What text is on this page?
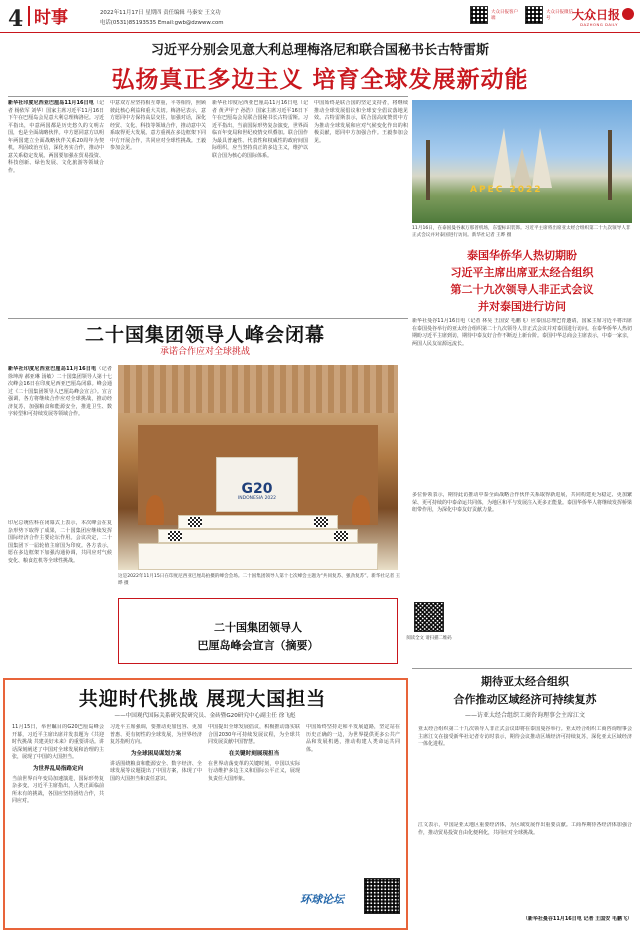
4 时事	2022年11月17日 星期四 责任编辑 马秦安 王文功
电话(0531)85193535 Email:gwb@dzwww.com
大众日报客户端
大众日报微信号	大众日报
DAZHONG DAILY
习近平分别会见意大利总理梅洛尼和联合国秘书长古特雷斯
弘扬真正多边主义 培育全球发展新动能
新华社印度尼西亚巴厘岛11月16日电（记者 杨依军 刘华）国家主席习近平11月16日下午在巴厘岛会见意大利总理梅洛尼。习近平指出，中意两国都是历史悠久的文明古国，也是全面战略伙伴。中方愿同意方以明年两国建立全面战略伙伴关系20周年为契机，巩固政治互信，深化务实合作，推动中意关系稳定发展。两国要加强在贸易投资、科技创新、绿色发展、文化旅游等领域合作。
中意双方应坚持相互尊重，平等相待，照顾彼此核心利益和重大关切。梅洛尼表示，意方愿同中方保持高层交往，加强对话，深化经贸、文化、科技等领域合作，推动意中关系取得更大发展。意方重视在多边框架下同中方开展合作，共同应对全球性挑战。王毅参加会见。
新华社印度尼西亚巴厘岛11月16日电（记者 黄尹甲子 孙浩）国家主席习近平16日下午在巴厘岛会见联合国秘书长古特雷斯。习近平指出，当前国际形势复杂演变，世界面临百年变局和世纪疫情交织叠加。联合国作为最具普遍性、代表性和权威性的政府间国际组织，应当坚持真正的多边主义，维护以联合国为核心的国际体系。
中国始终是联合国的坚定支持者，将继续推动全球发展倡议和全球安全倡议落地见效。古特雷斯表示，联合国高度赞赏中方为推动全球发展和应对气候变化作出的积极贡献，愿同中方加强合作。王毅参加会见。
APEC 2022
11月16日，在泰国曼谷素万那普机场，东盟标识装饰。习近平主席将出席亚太经合组织第二十九次领导人非正式会议并对泰国进行访问。新华社记者 王晔 摄
泰国华侨华人热切期盼
习近平主席出席亚太经合组织
第二十九次领导人非正式会议
并对泰国进行访问
新华社曼谷11月16日电（记者 林昊 王国安 毛鹏飞）应泰国总理巴育邀请，国家主席习近平将出席在泰国曼谷举行的亚太经合组织第二十九次领导人非正式会议并对泰国进行访问。在泰华侨华人热切期盼习近平主席到访，期待中泰友好合作不断迈上新台阶。泰国中华总商会主席表示，中泰一家亲，两国人民友谊源远流长。
多位侨领表示，期待此访推动中泰全面战略合作伙伴关系取得新进展，共同构建更为稳定、更加繁荣、更可持续的中泰命运共同体，为地区和平与发展注入更多正能量。泰国华侨华人将继续发挥桥梁纽带作用，为深化中泰友好贡献力量。
二十国集团领导人峰会闭幕
承诺合作应对全球挑战
新华社印度尼西亚巴厘岛11月16日电（记者 徐坤涛 郝亚琳 汤敏）二十国集团领导人第十七次峰会16日在印度尼西亚巴厘岛闭幕。峰会通过《二十国集团领导人巴厘岛峰会宣言》。宣言强调，各方将继续合作应对全球挑战，推动经济复苏，加强粮食和能源安全，推进卫生、数字转型和可持续发展等领域合作。
印尼总统佐科在闭幕式上表示，本次峰会在复杂形势下取得了成果，二十国集团应继续发挥国际经济合作主要论坛作用。会议决定，二十国集团下一届轮值主席国为印度。各方表示，愿在多边框架下加强沟通协调，共同应对气候变化、粮食危机等全球性挑战。
G20
INDONESIA 2022
这是2022年11月15日在印度尼西亚巴厘岛拍摄的峰会会场。二十国集团领导人第十七次峰会主题为“共同复苏、强劲复苏”。新华社记者 王晔 摄
二十国集团领导人
巴厘岛峰会宣言（摘要）
阅读全文 请扫描二维码
共迎时代挑战 展现大国担当
——中国观代国际关系研究院研究员、金砖暨G20研究中心副主任 徐飞彪
11月15日，举世瞩目的G20巴厘岛峰会开幕，习近平主席出席并发表题为《共迎时代挑战 共建美好未来》的重要讲话。讲话深刻阐述了中国对全球发展和治理的主张，展现了中国的大国担当。
为世界乱局指路定向
当前世界百年变局加速演进，国际形势复杂多变。习近平主席指出，人类正面临前所未有的挑战，各国应坚持团结合作，共同应对。
习近平主席强调，要推动更加包容、更加普惠、更有韧性的全球发展，为世界经济复苏指明方向。
为全球困局谋划方案
讲话围绕粮食和能源安全、数字经济、全球发展等议题提出了中国方案，体现了中国的大国担当和责任意识。
中国提出全球发展倡议，积极推动落实联合国2030年可持续发展议程，为全球共同发展贡献中国智慧。
在关键时刻展现担当
在世界动荡变革的关键时刻，中国以实际行动维护多边主义和国际公平正义，展现负责任大国形象。
中国始终坚持走和平发展道路，坚定站在历史正确的一边，为世界提供更多公共产品和发展机遇，推动构建人类命运共同体。
环球论坛
期待亚太经合组织
合作推动区域经济可持续复苏
——访亚太经合组织工商咨询理事会主席江文
亚太经合组织第二十九次领导人非正式会议即将在泰国曼谷举行。亚太经合组织工商咨询理事会主席江文在接受新华社记者专访时表示，期待会议推动区域经济可持续复苏，深化亚太区域经济一体化进程。
江文表示，中国是亚太地区重要经济体，为区域发展作出重要贡献。工商界期待各经济体加强合作，推动贸易投资自由化便利化，共同应对全球挑战。
（新华社曼谷11月16日电 记者 王国安 毛鹏飞）
